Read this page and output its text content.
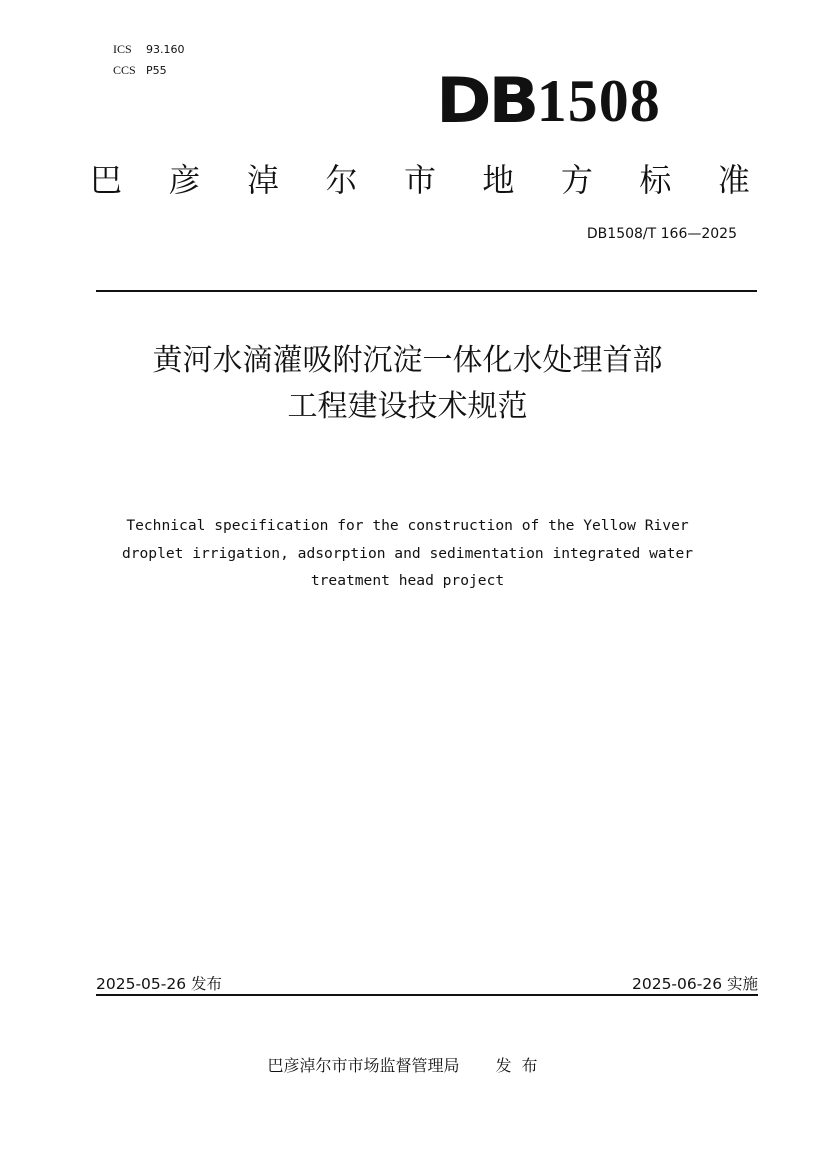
ICS 93.160
CCS P55	DB 1508
巴 彦 淖 尔 市 地 方 标 准
DB1508/T 166—2025
黄河水滴灌吸附沉淀一体化水处理首部
工程建设技术规范
Technical specification for the construction of the Yellow River
droplet irrigation, adsorption and sedimentation integrated water
treatment head project
2025-05-26 发布	2025-06-26 实施
巴彦淖尔市市场监督管理局 发布
